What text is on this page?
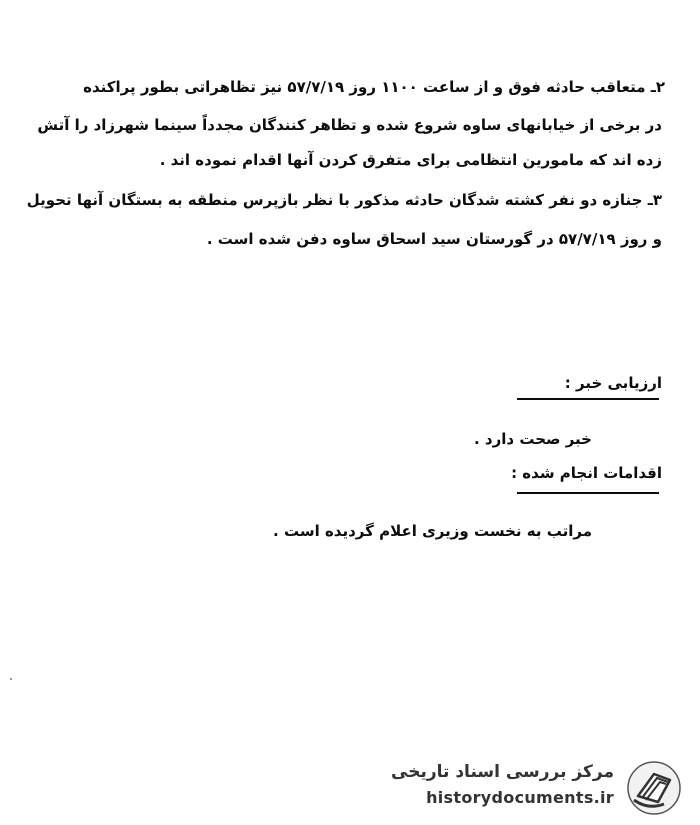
۲ـ متعاقب حادثه فوق و از ساعت ۱۱۰۰ روز ۵۷/۷/۱۹ نیز تظاهراتی بطور پراکنده
در برخی از خیابانهای ساوه شروع شده و تظاهر کنندگان مجدداً سینما شهرزاد را آتش
زده اند که مامورین انتظامی برای متفرق کردن آنها اقدام نموده اند .
۳ـ جنازه دو نفر کشته شدگان حادثه مذکور با نظر بازپرس منطقه به بستگان آنها تحویل
و روز ۵۷/۷/۱۹ در گورستان سید اسحاق ساوه دفن شده است .
ارزیابی خبر :
خبر صحت دارد .
اقدامات انجام شده :
مراتب به نخست وزیری اعلام گردیده است .
مرکز بررسی اسناد تاریخی
historydocuments.ir
